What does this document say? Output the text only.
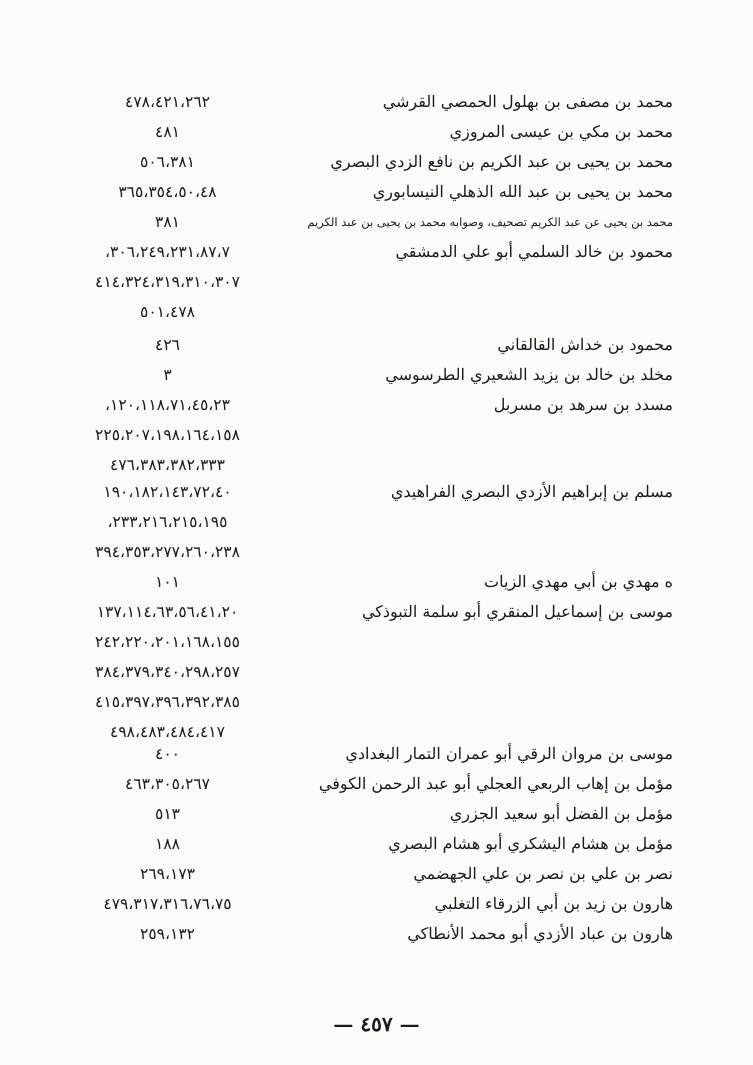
— ٤٥٧ —
محمد بن مصفى بن بهلول الحمصي القرشي
٤٧٨،٤٢١،٢٦٢
محمد بن مكي بن عيسى المروزي
٤٨١
محمد بن يحيى بن عبد الكريم بن نافع الزدي البصري
٥٠٦،٣٨١
محمد بن يحيى بن عبد الله الذهلي النيسابوري
٣٦٥،٣٥٤،٥٠،٤٨
محمد بن يحيى عن عبد الكريم تصحيف، وصوابه محمد بن يحيى بن عبد الكريم
٣٨١
محمود بن خالد السلمي أبو علي الدمشقي
،٣٠٦،٢٤٩،٢٣١،٨٧،٧
٤١٤،٣٢٤،٣١٩،٣١٠،٣٠٧
٥٠١،٤٧٨
محمود بن خداش القالقاني
٤٢٦
مخلد بن خالد بن يزيد الشعيري الطرسوسي
٣
مسدد بن سرهد بن مسربل
،١٢٠،١١٨،٧١،٤٥،٢٣
٢٢٥،٢٠٧،١٩٨،١٦٤،١٥٨
٤٧٦،٣٨٣،٣٨٢،٣٣٣
مسلم بن إبراهيم الأزدي البصري الفراهيدي
١٩٠،١٨٢،١٤٣،٧٢،٤٠
،٢٣٣،٢١٦،٢١٥،١٩٥
٣٩٤،٣٥٣،٢٧٧،٢٦٠،٢٣٨
ه مهدي بن أبي مهدي الزيات
١٠١
موسى بن إسماعيل المنقري أبو سلمة التبوذكي
١٣٧،١١٤،٦٣،٥٦،٤١،٢٠
٢٤٢،٢٢٠،٢٠١،١٦٨،١٥٥
٣٨٤،٣٧٩،٣٤٠،٢٩٨،٢٥٧
٤١٥،٣٩٧،٣٩٦،٣٩٢،٣٨٥
٤٩٨،٤٨٣،٤٨٤،٤١٧
موسى بن مروان الرقي أبو عمران التمار البغدادي
٤٠٠
مؤمل بن إهاب الربعي العجلي أبو عبد الرحمن الكوفي
٤٦٣،٣٠٥،٢٦٧
مؤمل بن الفضل أبو سعيد الجزري
٥١٣
مؤمل بن هشام اليشكري أبو هشام البصري
١٨٨
نصر بن علي بن نصر بن علي الجهضمي
٢٦٩،١٧٣
هارون بن زيد بن أبي الزرقاء التغلبي
٤٧٩،٣١٧،٣١٦،٧٦،٧٥
هارون بن عباد الأزدي أبو محمد الأنطاكي
٢٥٩،١٣٢
